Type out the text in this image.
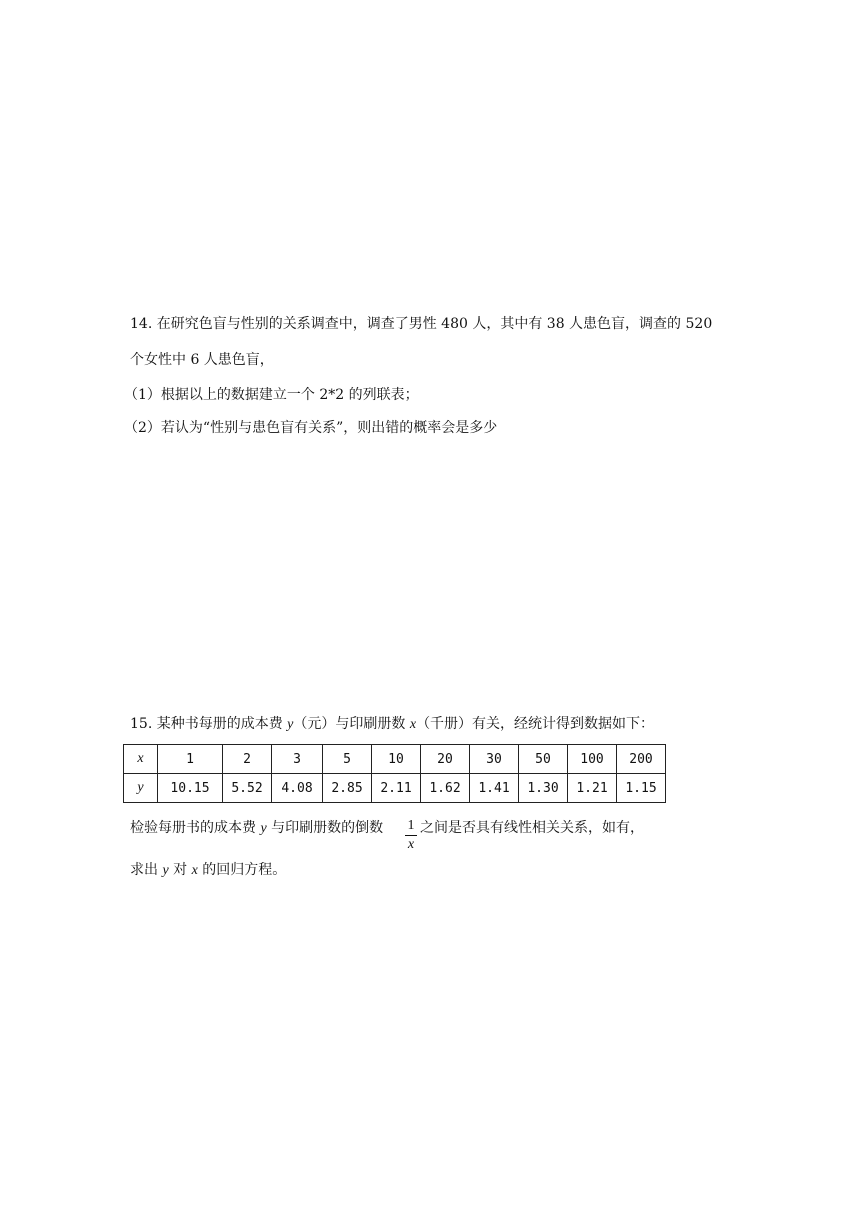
14. 在研究色盲与性别的关系调查中，调查了男性 480 人，其中有 38 人患色盲，调查的 520
个女性中 6 人患色盲，
（1）根据以上的数据建立一个 2*2 的列联表；
（2）若认为“性别与患色盲有关系”，则出错的概率会是多少
15. 某种书每册的成本费 y（元）与印刷册数 x（千册）有关，经统计得到数据如下：
x	1	2	3	5	10	20	30	50	100	200
y	10.15	5.52	4.08	2.85	2.11	1.62	1.41	1.30	1.21	1.15
检验每册书的成本费 y 与印刷册数的倒数 1
x
之间是否具有线性相关关系，如有，
求出 y 对 x 的回归方程。
